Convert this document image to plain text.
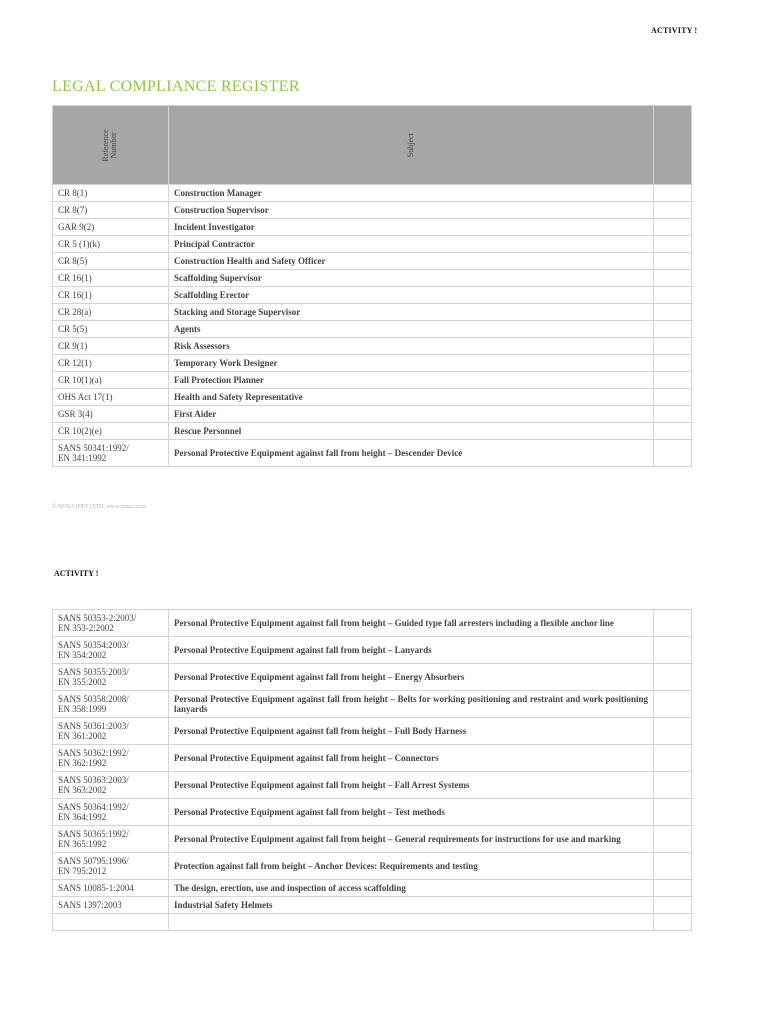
ACTIVITY !
LEGAL COMPLIANCE REGISTER
Reference
Number	Subject	
CR 8(1)	Construction Manager	
CR 8(7)	Construction Supervisor	
GAR 9(2)	Incident Investigator	
CR 5 (1)(k)	Principal Contractor	
CR 8(5)	Construction Health and Safety Officer	
CR 16(1)	Scaffolding Supervisor	
CR 16(1)	Scaffolding Erector	
CR 28(a)	Stacking and Storage Supervisor	
CR 5(5)	Agents	
CR 9(1)	Risk Assessors	
CR 12(1)	Temporary Work Designer	
CR 10(1)(a)	Fall Protection Planner	
OHS Act 17(1)	Health and Safety Representative	
GSR 3(4)	First Aider	
CR 10(2)(e)	Rescue Personnel	
SANS 50341:1992/
EN 341:1992	Personal Protective Equipment against fall from height – Descender Device	
© NOSA (PTY) LTD. www.nosa.co.za
ACTIVITY !
SANS 50353-2:2003/
EN 353-2:2002	Personal Protective Equipment against fall from height – Guided type fall arresters including a flexible anchor line	
SANS 50354:2003/
EN 354:2002	Personal Protective Equipment against fall from height – Lanyards	
SANS 50355:2003/
EN 355:2002	Personal Protective Equipment against fall from height – Energy Absorbers	
SANS 50358:2008/
EN 358:1999	Personal Protective Equipment against fall from height – Belts for working positioning and restraint and work positioning lanyards	
SANS 50361:2003/
EN 361:2002	Personal Protective Equipment against fall from height – Full Body Harness	
SANS 50362:1992/
EN 362:1992	Personal Protective Equipment against fall from height – Connectors	
SANS 50363:2003/
EN 363:2002	Personal Protective Equipment against fall from height – Fall Arrest Systems	
SANS 50364:1992/
EN 364:1992	Personal Protective Equipment against fall from height – Test methods	
SANS 50365:1992/
EN 365:1992	Personal Protective Equipment against fall from height – General requirements for instructions for use and marking	
SANS 50795:1996/
EN 795:2012	Protection against fall from height – Anchor Devices: Requirements and testing	
SANS 10085-1:2004	The design, erection, use and inspection of access scaffolding	
SANS 1397:2003	Industrial Safety Helmets	
